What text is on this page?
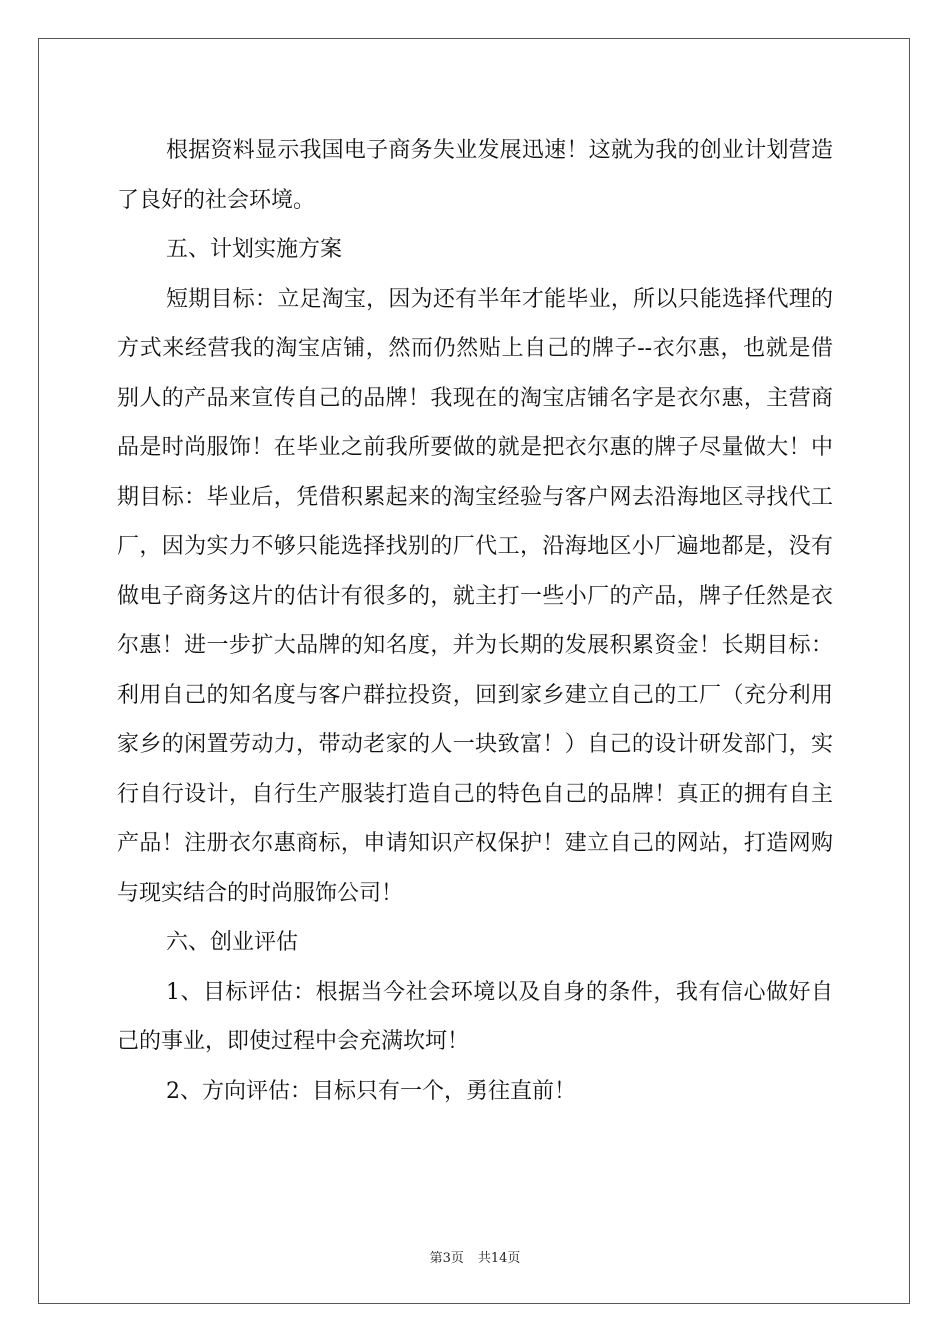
根据资料显示我国电子商务失业发展迅速！这就为我的创业计划营造了良好的社会环境。

五、计划实施方案

短期目标：立足淘宝，因为还有半年才能毕业，所以只能选择代理的方式来经营我的淘宝店铺，然而仍然贴上自己的牌子--衣尔惠，也就是借别人的产品来宣传自己的品牌！我现在的淘宝店铺名字是衣尔惠，主营商品是时尚服饰！在毕业之前我所要做的就是把衣尔惠的牌子尽量做大！中期目标：毕业后，凭借积累起来的淘宝经验与客户网去沿海地区寻找代工厂，因为实力不够只能选择找别的厂代工，沿海地区小厂遍地都是，没有做电子商务这片的估计有很多的，就主打一些小厂的产品，牌子任然是衣尔惠！进一步扩大品牌的知名度，并为长期的发展积累资金！长期目标：利用自己的知名度与客户群拉投资，回到家乡建立自己的工厂（充分利用家乡的闲置劳动力，带动老家的人一块致富！）自己的设计研发部门，实行自行设计，自行生产服装打造自己的特色自己的品牌！真正的拥有自主产品！注册衣尔惠商标，申请知识产权保护！建立自己的网站，打造网购与现实结合的时尚服饰公司！

六、创业评估

1、目标评估：根据当今社会环境以及自身的条件，我有信心做好自己的事业，即使过程中会充满坎坷！

2、方向评估：目标只有一个，勇往直前！

第3页 共14页
